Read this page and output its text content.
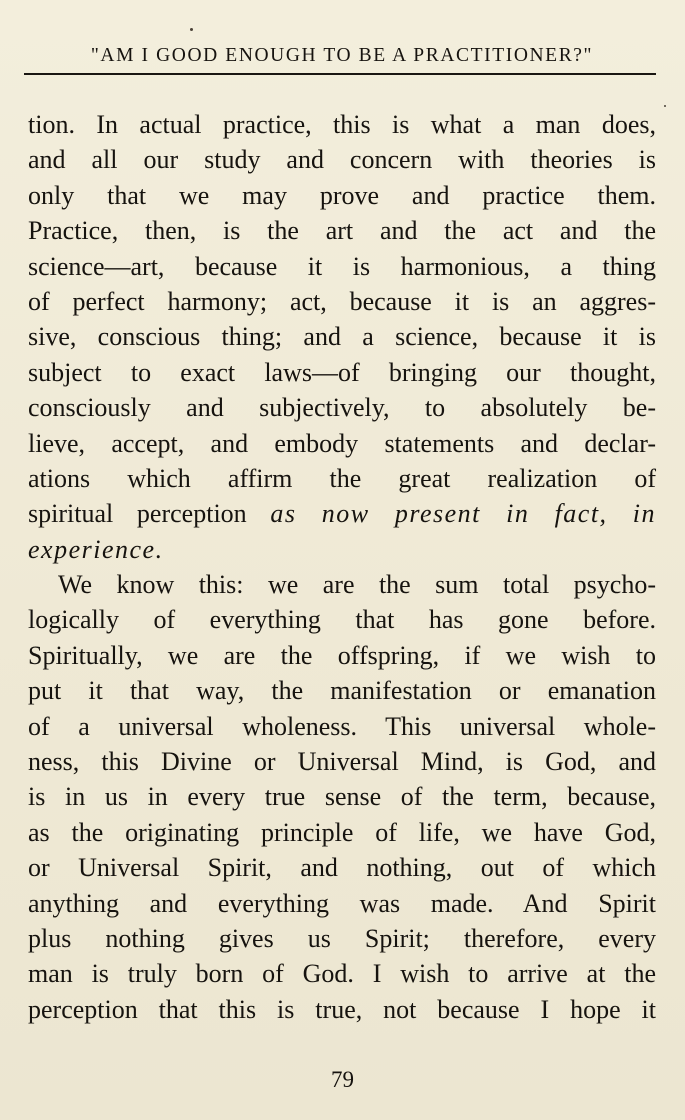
"AM I GOOD ENOUGH TO BE A PRACTITIONER?"
tion. In actual practice, this is what a man does,
and all our study and concern with theories is
only that we may prove and practice them.
Practice, then, is the art and the act and the
science—art, because it is harmonious, a thing
of perfect harmony; act, because it is an aggres-
sive, conscious thing; and a science, because it is
subject to exact laws—of bringing our thought,
consciously and subjectively, to absolutely be-
lieve, accept, and embody statements and declar-
ations which affirm the great realization of
spiritual perception as now present in fact, in
experience.
We know this: we are the sum total psycho-
logically of everything that has gone before.
Spiritually, we are the offspring, if we wish to
put it that way, the manifestation or emanation
of a universal wholeness. This universal whole-
ness, this Divine or Universal Mind, is God, and
is in us in every true sense of the term, because,
as the originating principle of life, we have God,
or Universal Spirit, and nothing, out of which
anything and everything was made. And Spirit
plus nothing gives us Spirit; therefore, every
man is truly born of God. I wish to arrive at the
perception that this is true, not because I hope it
79
